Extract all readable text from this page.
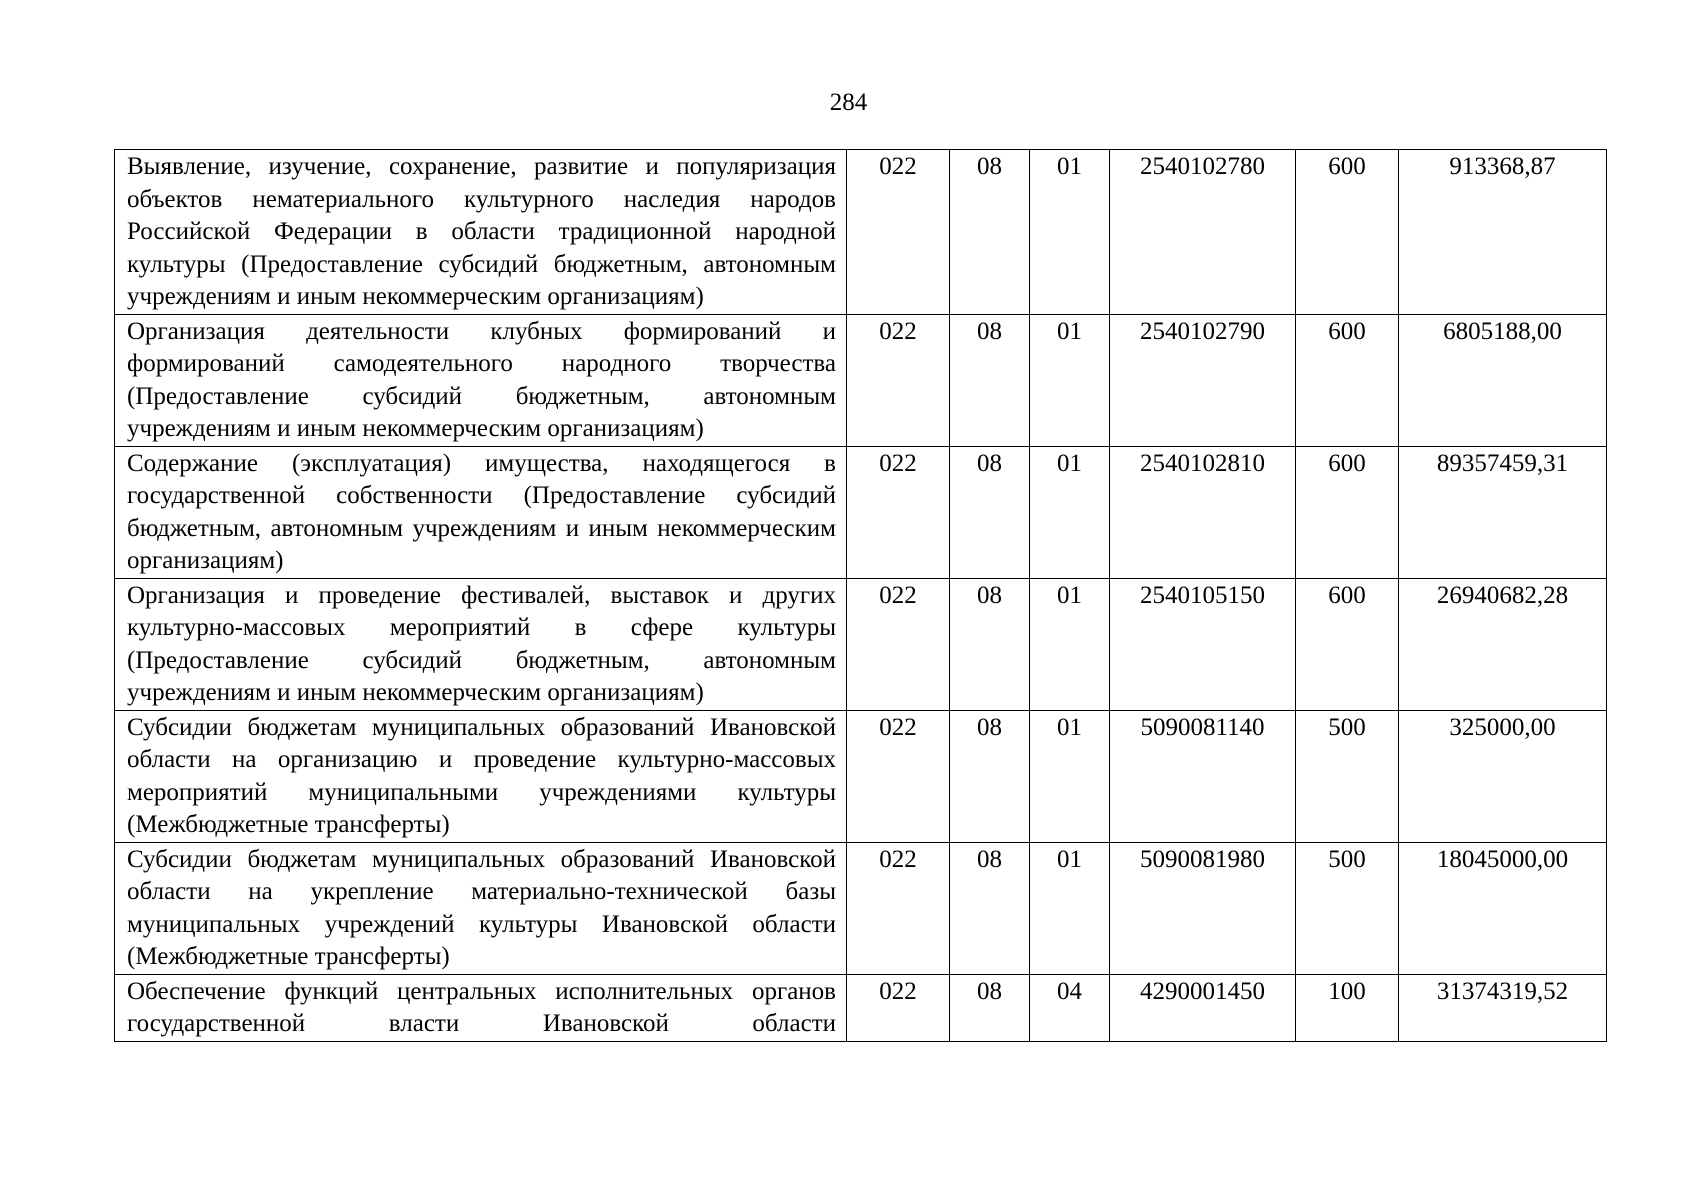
284
Выявление, изучение, сохранение, развитие и популяризация объектов нематериального культурного наследия народов Российской Федерации в области традиционной народной культуры (Предоставление субсидий бюджетным, автономным учреждениям и иным некоммерческим организациям)	022	08	01	2540102780	600	913368,87
Организация деятельности клубных формирований и формирований самодеятельного народного творчества (Предоставление субсидий бюджетным, автономным учреждениям и иным некоммерческим организациям)	022	08	01	2540102790	600	6805188,00
Содержание (эксплуатация) имущества, находящегося в государственной собственности (Предоставление субсидий бюджетным, автономным учреждениям и иным некоммерческим организациям)	022	08	01	2540102810	600	89357459,31
Организация и проведение фестивалей, выставок и других культурно-массовых мероприятий в сфере культуры (Предоставление субсидий бюджетным, автономным учреждениям и иным некоммерческим организациям)	022	08	01	2540105150	600	26940682,28
Субсидии бюджетам муниципальных образований Ивановской области на организацию и проведение культурно-массовых мероприятий муниципальными учреждениями культуры (Межбюджетные трансферты)	022	08	01	5090081140	500	325000,00
Субсидии бюджетам муниципальных образований Ивановской области на укрепление материально-технической базы муниципальных учреждений культуры Ивановской области (Межбюджетные трансферты)	022	08	01	5090081980	500	18045000,00
Обеспечение функций центральных исполнительных органов государственной власти Ивановской области	022	08	04	4290001450	100	31374319,52
